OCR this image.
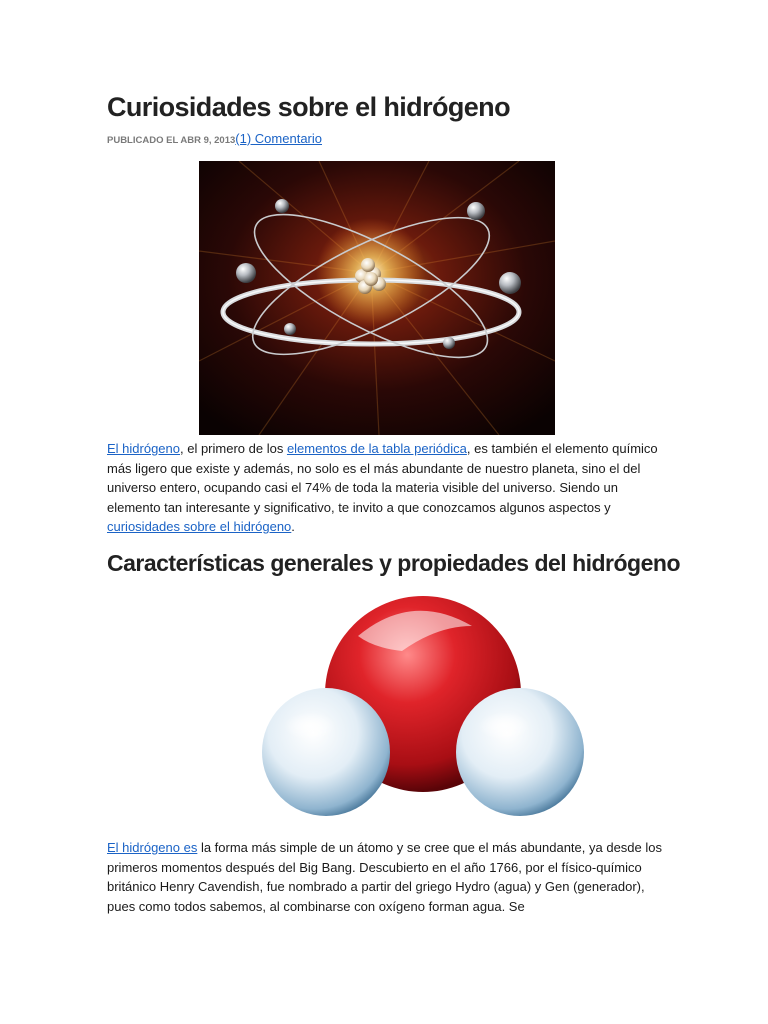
Curiosidades sobre el hidrógeno
PUBLICADO EL ABR 9, 2013(1) Comentario

El hidrógeno, el primero de los elementos de la tabla periódica, es también el elemento químico más ligero que existe y además, no solo es el más abundante de nuestro planeta, sino el del universo entero, ocupando casi el 74% de toda la materia visible del universo. Siendo un elemento tan interesante y significativo, te invito a que conozcamos algunos aspectos y curiosidades sobre el hidrógeno.

Características generales y propiedades del hidrógeno

El hidrógeno es la forma más simple de un átomo y se cree que el más abundante, ya desde los primeros momentos después del Big Bang. Descubierto en el año 1766, por el físico-químico británico Henry Cavendish, fue nombrado a partir del griego Hydro (agua) y Gen (generador), pues como todos sabemos, al combinarse con oxígeno forman agua. Se
